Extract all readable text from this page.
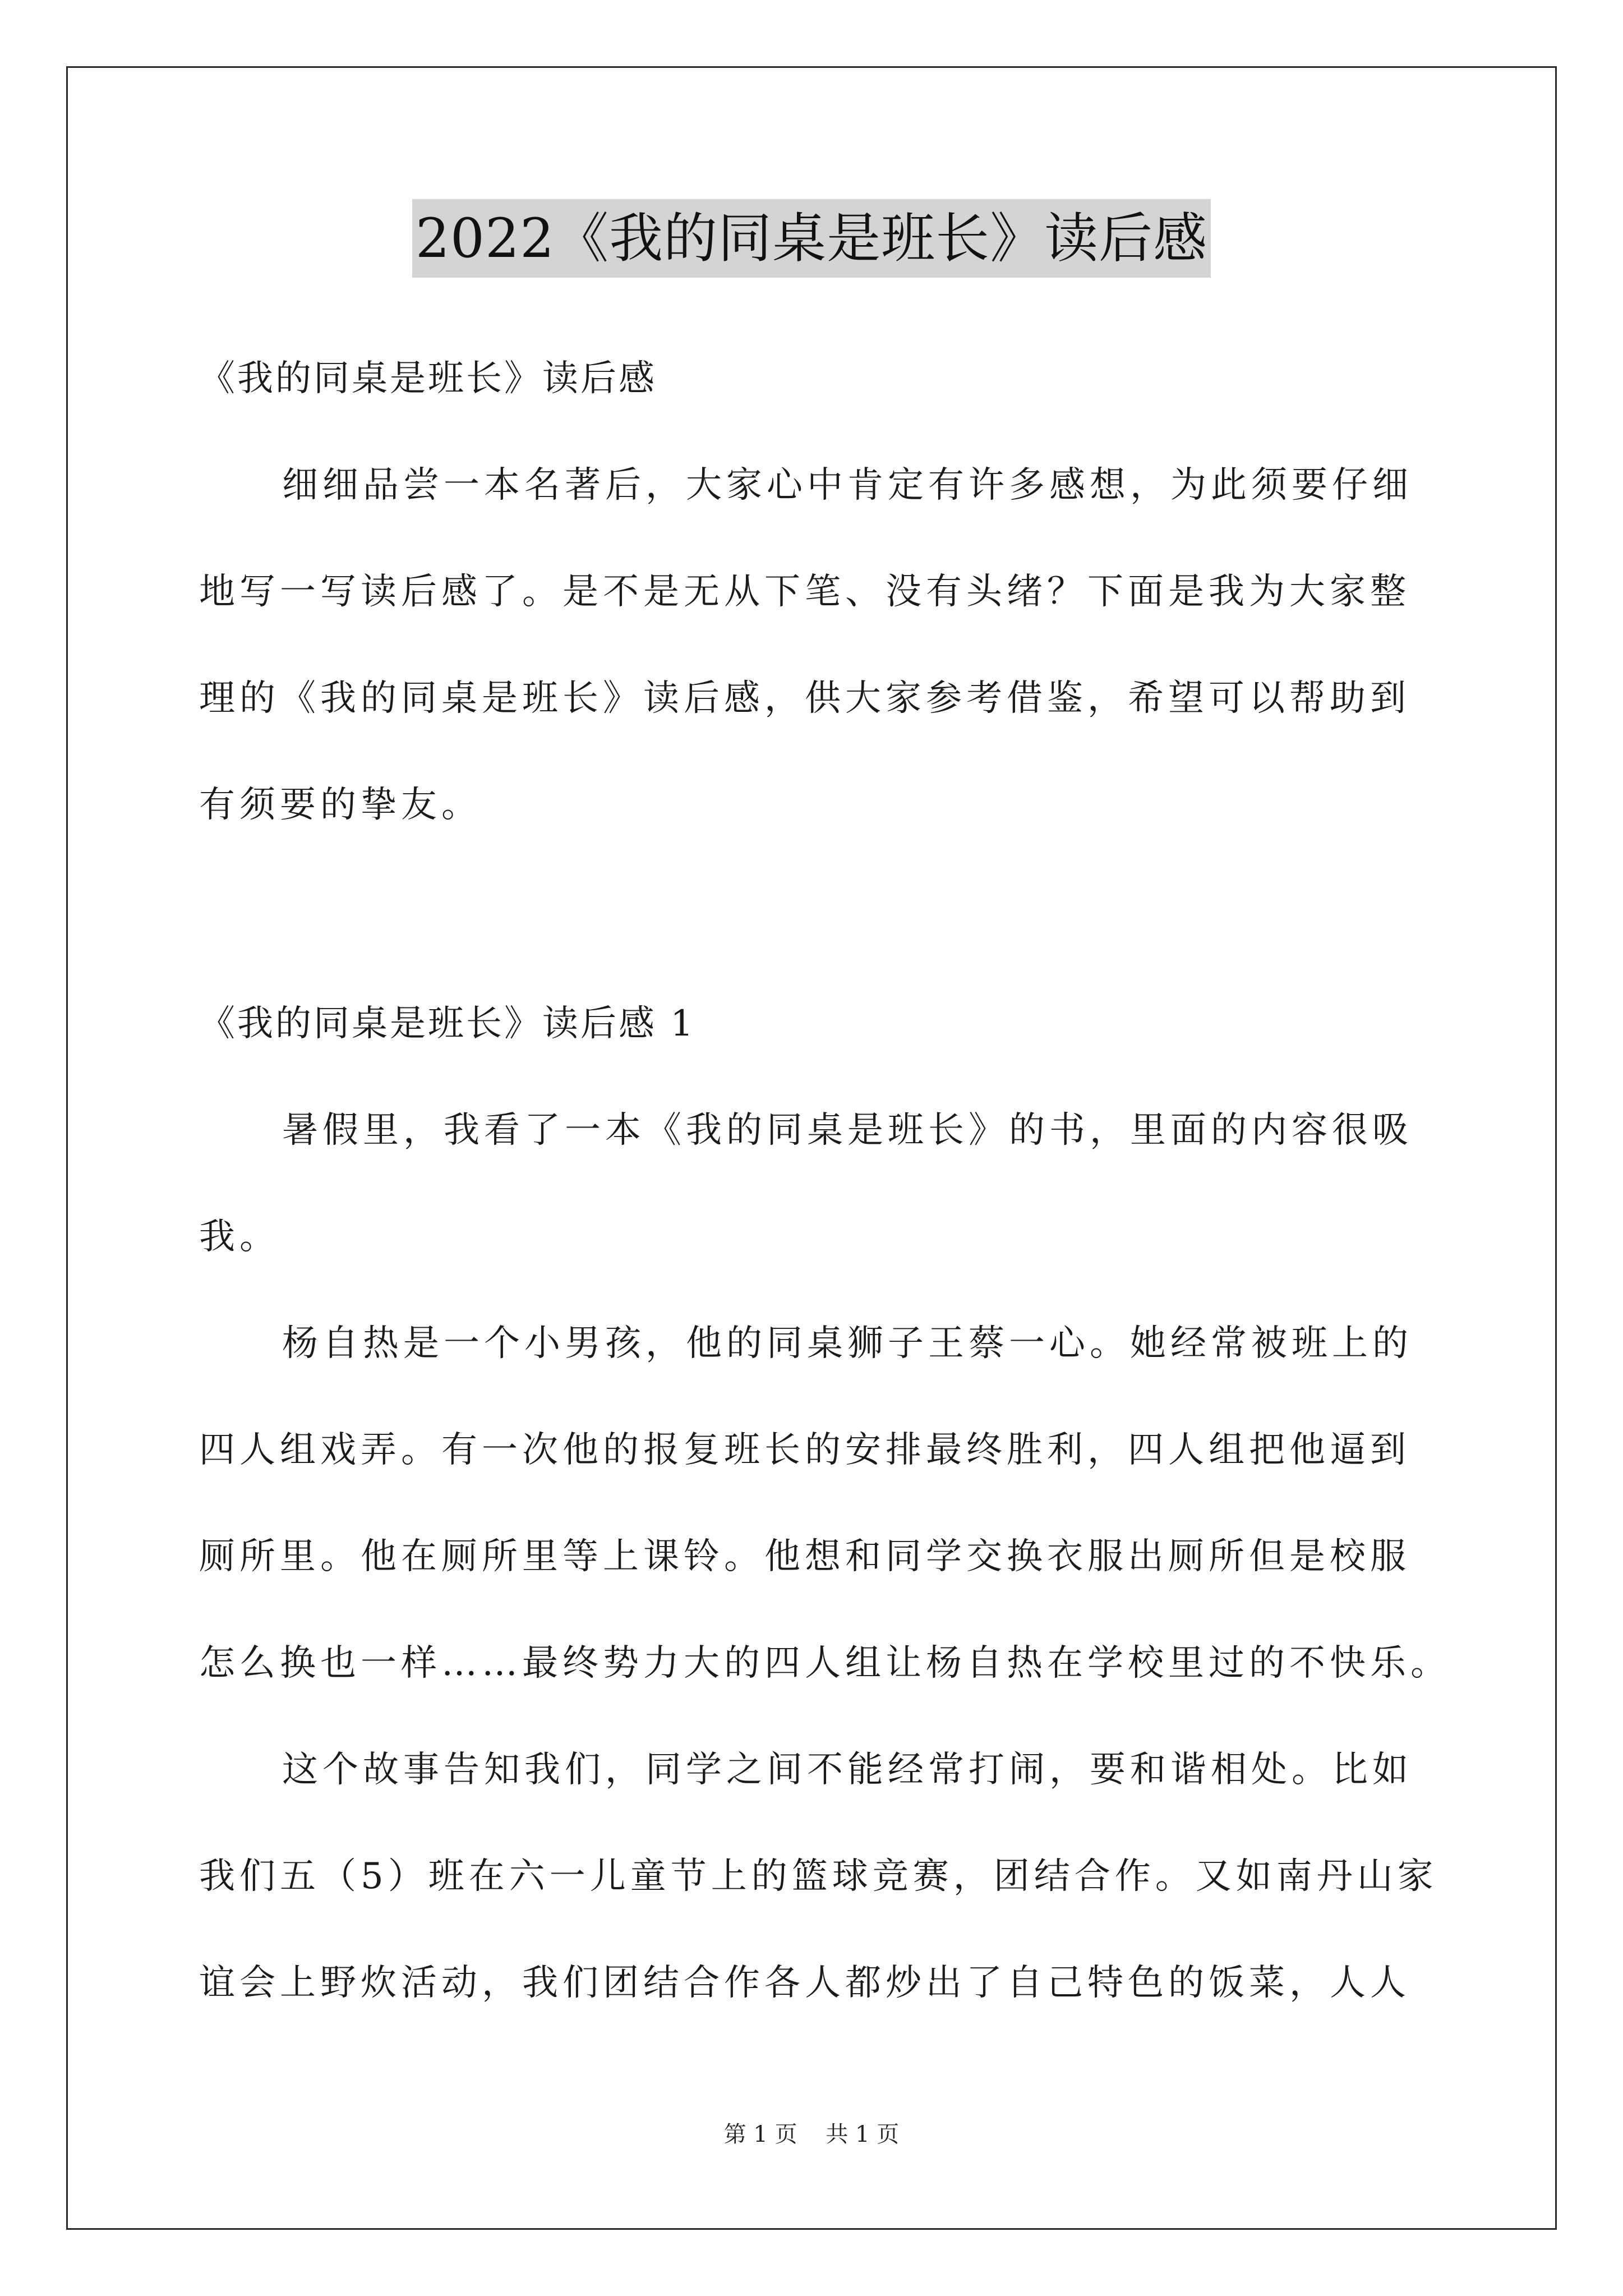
2022《我的同桌是班长》读后感
《我的同桌是班长》读后感
细细品尝一本名著后，大家心中肯定有许多感想，为此须要仔细
地写一写读后感了。是不是无从下笔、没有头绪？下面是我为大家整
理的《我的同桌是班长》读后感，供大家参考借鉴，希望可以帮助到
有须要的挚友。
《我的同桌是班长》读后感 1
暑假里，我看了一本《我的同桌是班长》的书，里面的内容很吸
我。
杨自热是一个小男孩，他的同桌狮子王蔡一心。她经常被班上的
四人组戏弄。有一次他的报复班长的安排最终胜利，四人组把他逼到
厕所里。他在厕所里等上课铃。他想和同学交换衣服出厕所但是校服
怎么换也一样……最终势力大的四人组让杨自热在学校里过的不快乐。
这个故事告知我们，同学之间不能经常打闹，要和谐相处。比如
我们五（5）班在六一儿童节上的篮球竞赛，团结合作。又如南丹山家
谊会上野炊活动，我们团结合作各人都炒出了自己特色的饭菜，人人
第 1 页    共 1 页
